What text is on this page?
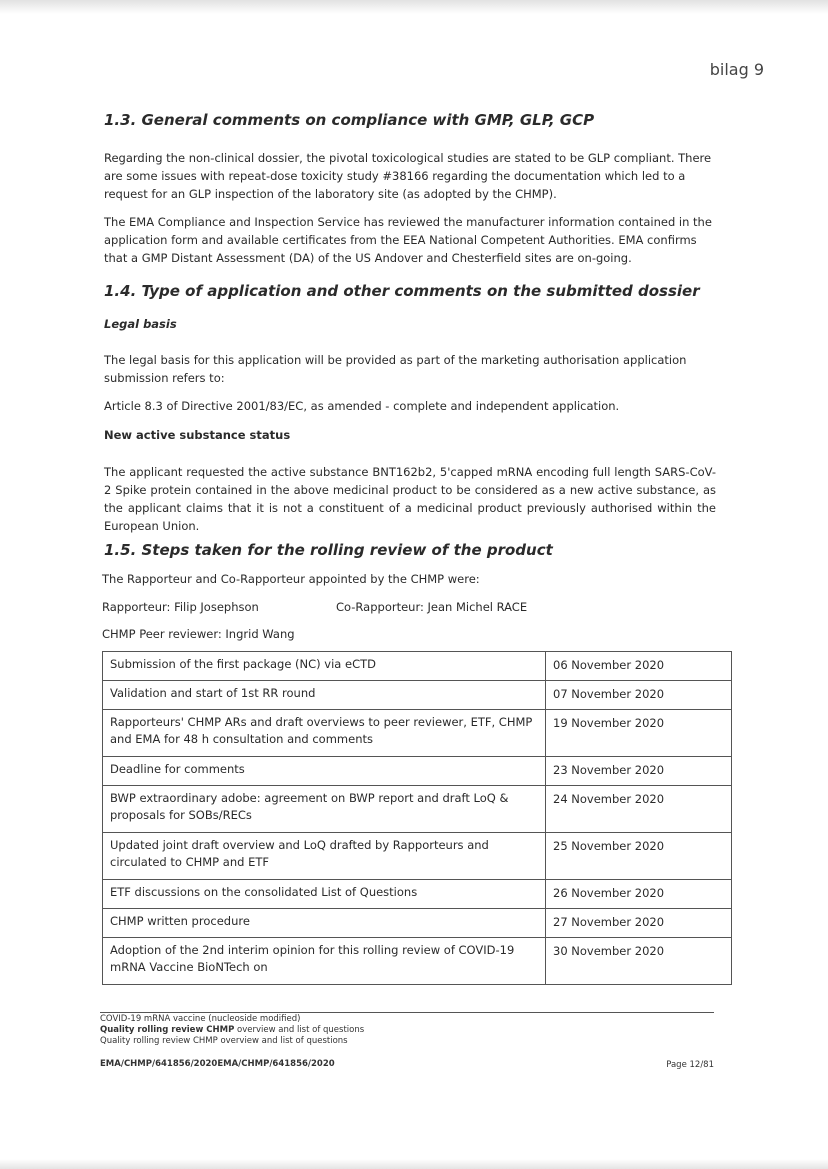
bilag 9
1.3. General comments on compliance with GMP, GLP, GCP
Regarding the non-clinical dossier, the pivotal toxicological studies are stated to be GLP compliant. There are some issues with repeat-dose toxicity study #38166 regarding the documentation which led to a request for an GLP inspection of the laboratory site (as adopted by the CHMP).
The EMA Compliance and Inspection Service has reviewed the manufacturer information contained in the application form and available certificates from the EEA National Competent Authorities. EMA confirms that a GMP Distant Assessment (DA) of the US Andover and Chesterfield sites are on-going.
1.4. Type of application and other comments on the submitted dossier
Legal basis
The legal basis for this application will be provided as part of the marketing authorisation application submission refers to:
Article 8.3 of Directive 2001/83/EC, as amended - complete and independent application.
New active substance status
The applicant requested the active substance BNT162b2, 5'capped mRNA encoding full length SARS-CoV-2 Spike protein contained in the above medicinal product to be considered as a new active substance, as the applicant claims that it is not a constituent of a medicinal product previously authorised within the European Union.
1.5. Steps taken for the rolling review of the product
The Rapporteur and Co-Rapporteur appointed by the CHMP were:
Rapporteur: Filip Josephson	Co-Rapporteur: Jean Michel RACE
CHMP Peer reviewer: Ingrid Wang
Submission of the first package (NC) via eCTD	06 November 2020
Validation and start of 1st RR round	07 November 2020
Rapporteurs' CHMP ARs and draft overviews to peer reviewer, ETF, CHMP and EMA for 48 h consultation and comments	19 November 2020
Deadline for comments	23 November 2020
BWP extraordinary adobe: agreement on BWP report and draft LoQ & proposals for SOBs/RECs	24 November 2020
Updated joint draft overview and LoQ drafted by Rapporteurs and circulated to CHMP and ETF	25 November 2020
ETF discussions on the consolidated List of Questions	26 November 2020
CHMP written procedure	27 November 2020
Adoption of the 2nd interim opinion for this rolling review of COVID-19 mRNA Vaccine BioNTech on	30 November 2020
COVID-19 mRNA vaccine (nucleoside modified)
Quality rolling review CHMP overview and list of questions
Quality rolling review CHMP overview and list of questions
EMA/CHMP/641856/2020EMA/CHMP/641856/2020	Page 12/81
